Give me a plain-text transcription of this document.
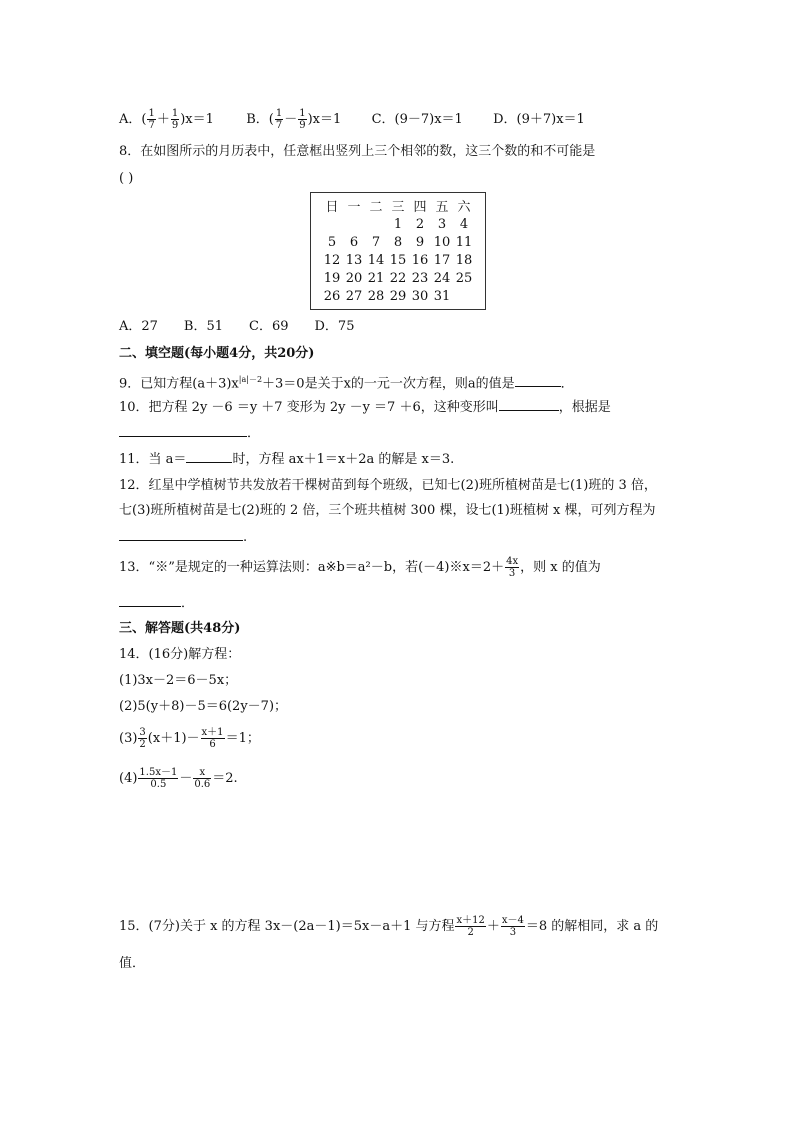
A．( $\frac{1}{7} + \frac{1}{9} )x=1$ B．( $\frac{1}{7} - \frac{1}{9} )x=1$ C．(9－7)x＝1 D．(9＋7)x＝1
8．在如图所示的月历表中，任意框出竖列上三个相邻的数，这三个数的和不可能是
( )
日	一	二	三	四	五	六
			1	2	3	4
5	6	7	8	9	10	11
12	13	14	15	16	17	18
19	20	21	22	23	24	25
26	27	28	29	30	31	
A．27　　B．51　　C．69　　D．75
二、填空题(每小题4分，共20分)
9．已知方程$(a+3)x^{|a|-2}+3=0$是关于x的一元一次方程，则a的值是	．
10．把方程 2y －6 ＝y ＋7 变形为 2y －y ＝7 ＋6，这种变形叫	，根据是
．
11．当 a＝	时，方程 ax＋1＝x＋2a 的解是 x＝3.
12．红星中学植树节共发放若干棵树苗到每个班级，已知七(2)班所植树苗是七(1)班的 3 倍，
七(3)班所植树苗是七(2)班的 2 倍，三个班共植树 300 棵，设七(1)班植树 x 棵，可列方程为
.
13．“※”是规定的一种运算法则：a※b＝a²－b，若(－4)※x＝2＋ $\frac{4x}{3}$ ，则 x 的值为
．
三、解答题(共48分)
14．(16分)解方程：
(1)3x－2＝6－5x；
(2)5(y＋8)－5＝6(2y－7)；
$(3) \frac{3}{2} (x+1)- \frac{x+1}{6} =1$；
$(4) \frac{1.5x-1}{0.5} - \frac{x}{0.6} =2$.
15．(7分)关于 x 的方程 3x－(2a－1)＝5x－a＋1 与方程 $\frac{x+12}{2} + \frac{x-4}{3} =8$ 的解相同，求 a 的
值．
